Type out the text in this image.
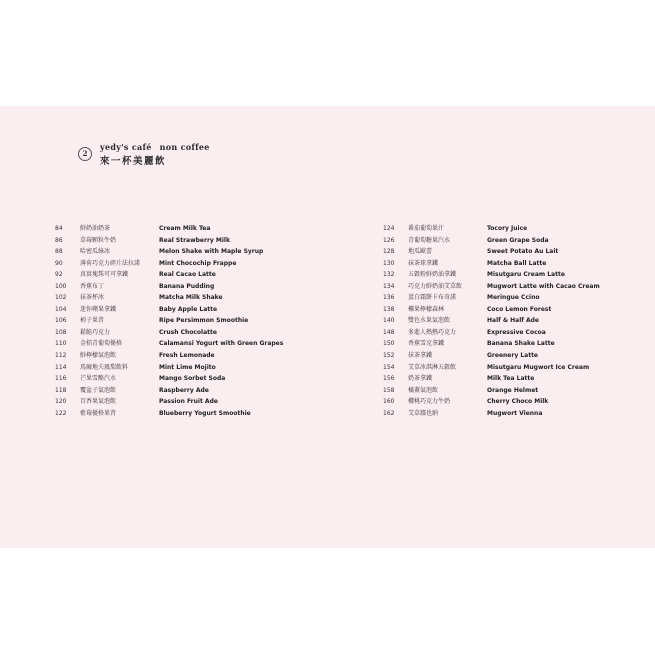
2
yedy's café non coffee
來一杯美麗飲
84	鮮奶油奶茶	Cream Milk Tea
86	草莓顆粒牛奶	Real Strawberry Milk
88	哈密瓜綠冰	Melon Shake with Maple Syrup
90	薄荷巧克力碎片法拉諾	Mint Chocochip Frappe
92	真實塊珠可可拿鐵	Real Cacao Latte
100 香蕉布丁	Banana Pudding
102 抹茶杯冰	Matcha Milk Shake
104 迷你蘋果拿鐵	Baby Apple Latte
106 柿子果昔	Ripe Persimmon Smoothie
108 鬆脆巧克力	Crush Chocolatte
110 金桔青葡萄優格	Calamansi Yogurt with Green Grapes
112 鮮檸檬氣泡飲	Fresh Lemonade
114 馬爾地夫鳳梨飲料	Mint Lime Mojito
116 芒果雪酪汽水	Mango Sorbet Soda
118 覆盆子氣泡飲	Raspberry Ade
120 百香果氣泡飲	Passion Fruit Ade
122 藍莓優格果昔	Blueberry Yogurt Smoothie
124 番茄葡萄果汁	Tocory Juice
126 青葡萄糖果汽水	Green Grape Soda
128 地瓜歐蕾	Sweet Potato Au Lait
130 抹茶球拿鐵	Matcha Ball Latte
132 五穀粉鮮奶油拿鐵	Misutgaru Cream Latte
134 巧克力鮮奶油艾草飲	Mugwort Latte with Cacao Cream
136 蛋白霜餅卡布奇諾	Meringue Ccino
138 椰果檸檬森林	Coco Lemon Forest
140 雙色水果氣泡飲	Half & Half Ade
148 多進人熱熱巧克力	Expressive Cocoa
150 香蕉雪克拿鐵	Banana Shake Latte
152 抹茶拿鐵	Greenery Latte
154 艾草冰淇淋五穀飲	Misutgaru Mugwort Ice Cream
156 奶茶拿鐵	Milk Tea Latte
158 橘蓋氣泡飲	Orange Helmet
160 櫻桃巧克力牛奶	Cherry Choco Milk
162 艾草鄒也納	Mugwort Vienna
